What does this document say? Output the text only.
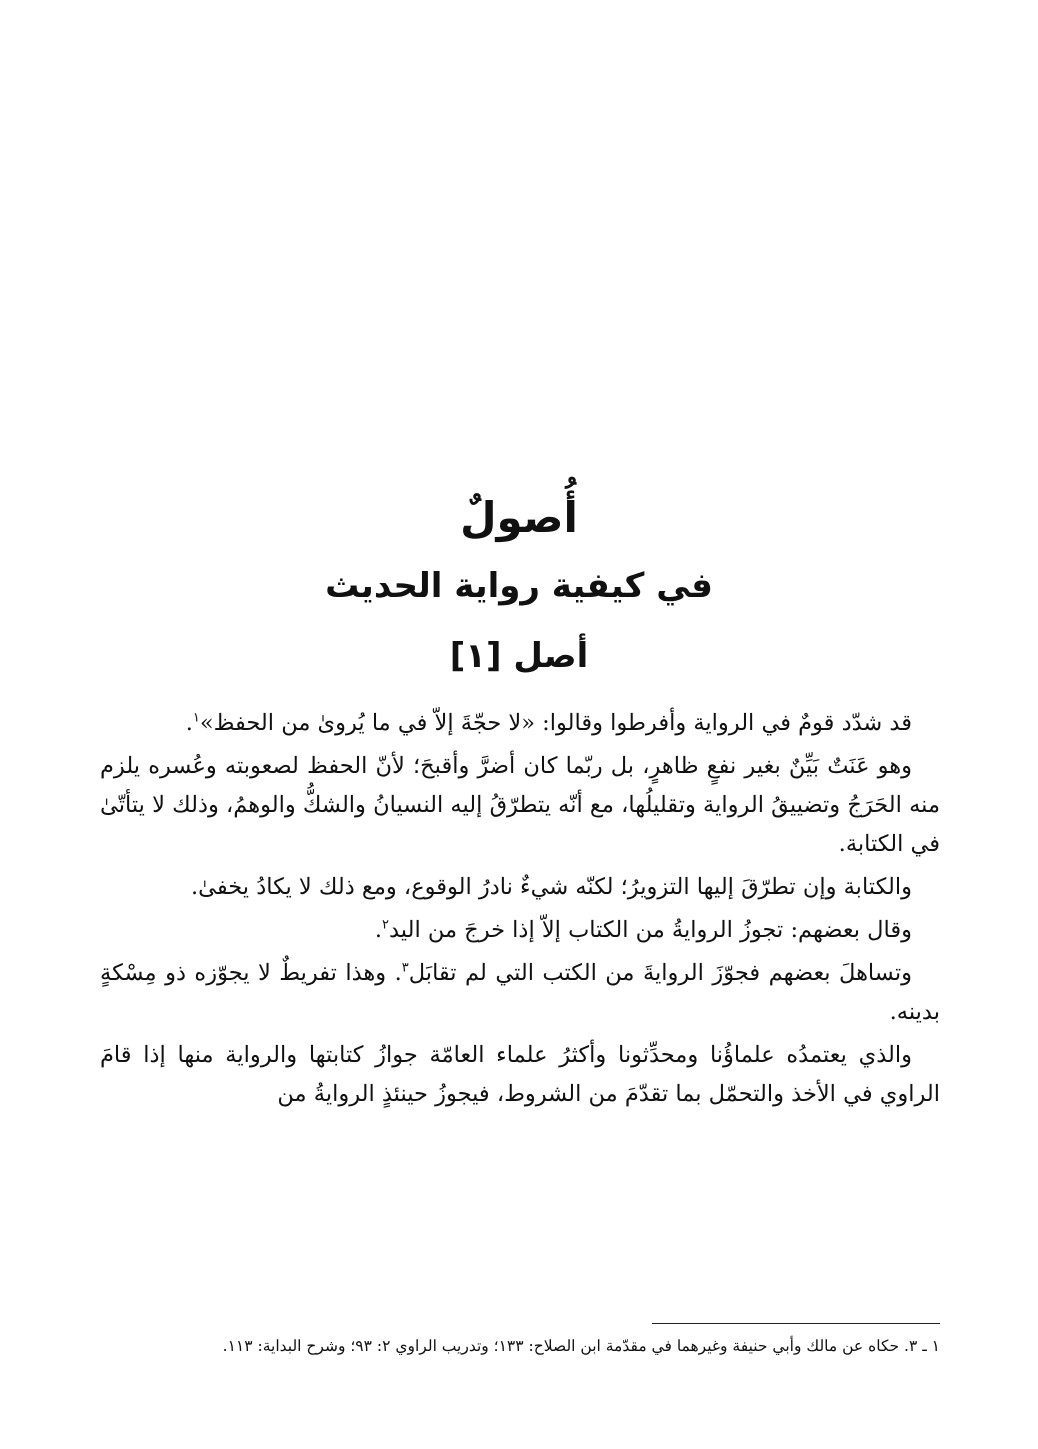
أُصولٌ
في كيفية رواية الحديث
أصل [١]

قد شدّد قومٌ في الرواية وأفرطوا وقالوا: «لا حجّةَ إلاّ في ما يُروىٰ من الحفظ»$^١$.

وهو عَنَتٌ بَيِّنٌ بغير نفعٍ ظاهرٍ، بل ربّما كان أضرَّ وأقبحَ؛ لأنّ الحفظ لصعوبته وعُسره يلزم منه الحَرَجُ وتضييقُ الرواية وتقليلُها، مع أنّه يتطرّقُ إليه النسيانُ والشكُّ والوهمُ، وذلك لا يتأتّىٰ في الكتابة.

والكتابة وإن تطرّقَ إليها التزويرُ؛ لكنّه شيءٌ نادرُ الوقوع، ومع ذلك لا يكادُ يخفىٰ.

وقال بعضهم: تجوزُ الروايةُ من الكتاب إلاّ إذا خرجَ من اليد$^٢$.

وتساهلَ بعضهم فجوّزَ الروايةَ من الكتب التي لم تقابَل$^٣$. وهذا تفريطٌ لا يجوّزه ذو مِسْكةٍ بدينه.

والذي يعتمدُه علماؤُنا ومحدِّثونا وأكثرُ علماء العامّة جوازُ كتابتها والرواية منها إذا قامَ الراوي في الأخذ والتحمّل بما تقدّمَ من الشروط، فيجوزُ حينئذٍ الروايةُ من

١ ـ ٣. حكاه عن مالك وأبي حنيفة وغيرهما في مقدّمة ابن الصلاح: ١٣٣؛ وتدريب الراوي ٢: ٩٣؛ وشرح البداية: ١١٣.
